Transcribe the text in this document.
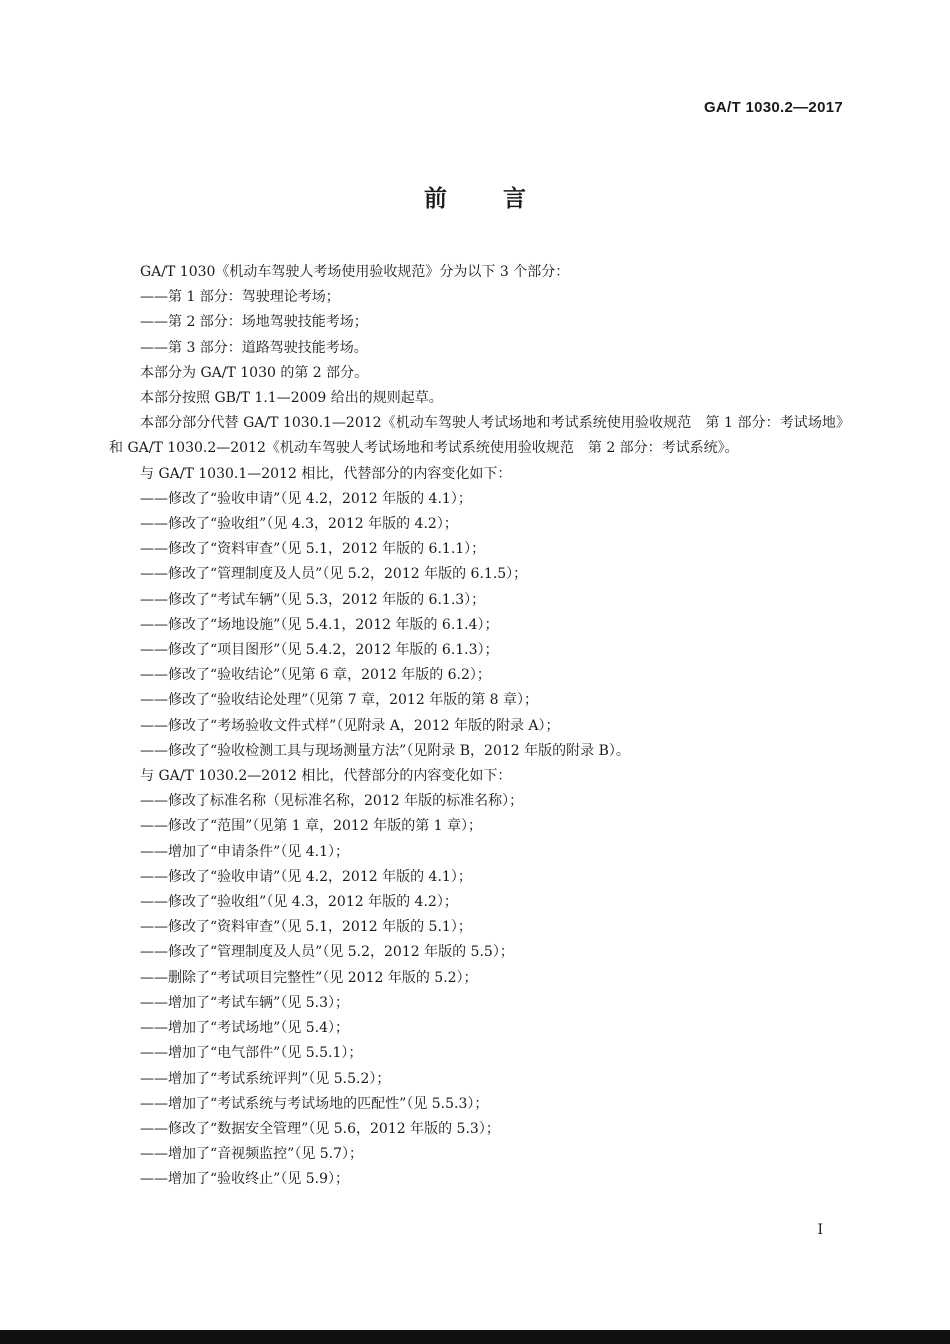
GA/T 1030.2—2017
前 言

GA/T 1030《机动车驾驶人考场使用验收规范》分为以下 3 个部分：

——第 1 部分：驾驶理论考场；

——第 2 部分：场地驾驶技能考场；

——第 3 部分：道路驾驶技能考场。

本部分为 GA/T 1030 的第 2 部分。

本部分按照 GB/T 1.1—2009 给出的规则起草。

本部分部分代替 GA/T 1030.1—2012《机动车驾驶人考试场地和考试系统使用验收规范　第 1 部分：考试场地》和 GA/T 1030.2—2012《机动车驾驶人考试场地和考试系统使用验收规范　第 2 部分：考试系统》。

与 GA/T 1030.1—2012 相比，代替部分的内容变化如下：

——修改了“验收申请”（见 4.2，2012 年版的 4.1）；

——修改了“验收组”（见 4.3，2012 年版的 4.2）；

——修改了“资料审查”（见 5.1，2012 年版的 6.1.1）；

——修改了“管理制度及人员”（见 5.2，2012 年版的 6.1.5）；

——修改了“考试车辆”（见 5.3，2012 年版的 6.1.3）；

——修改了“场地设施”（见 5.4.1，2012 年版的 6.1.4）；

——修改了“项目图形”（见 5.4.2，2012 年版的 6.1.3）；

——修改了“验收结论”（见第 6 章，2012 年版的 6.2）；

——修改了“验收结论处理”（见第 7 章，2012 年版的第 8 章）；

——修改了“考场验收文件式样”（见附录 A，2012 年版的附录 A）；

——修改了“验收检测工具与现场测量方法”（见附录 B，2012 年版的附录 B）。

与 GA/T 1030.2—2012 相比，代替部分的内容变化如下：

——修改了标准名称（见标准名称，2012 年版的标准名称）；

——修改了“范围”（见第 1 章，2012 年版的第 1 章）；

——增加了“申请条件”（见 4.1）；

——修改了“验收申请”（见 4.2，2012 年版的 4.1）；

——修改了“验收组”（见 4.3，2012 年版的 4.2）；

——修改了“资料审查”（见 5.1，2012 年版的 5.1）；

——修改了“管理制度及人员”（见 5.2，2012 年版的 5.5）；

——删除了“考试项目完整性”（见 2012 年版的 5.2）；

——增加了“考试车辆”（见 5.3）；

——增加了“考试场地”（见 5.4）；

——增加了“电气部件”（见 5.5.1）；

——增加了“考试系统评判”（见 5.5.2）；

——增加了“考试系统与考试场地的匹配性”（见 5.5.3）；

——修改了“数据安全管理”（见 5.6，2012 年版的 5.3）；

——增加了“音视频监控”（见 5.7）；

——增加了“验收终止”（见 5.9）；

I
